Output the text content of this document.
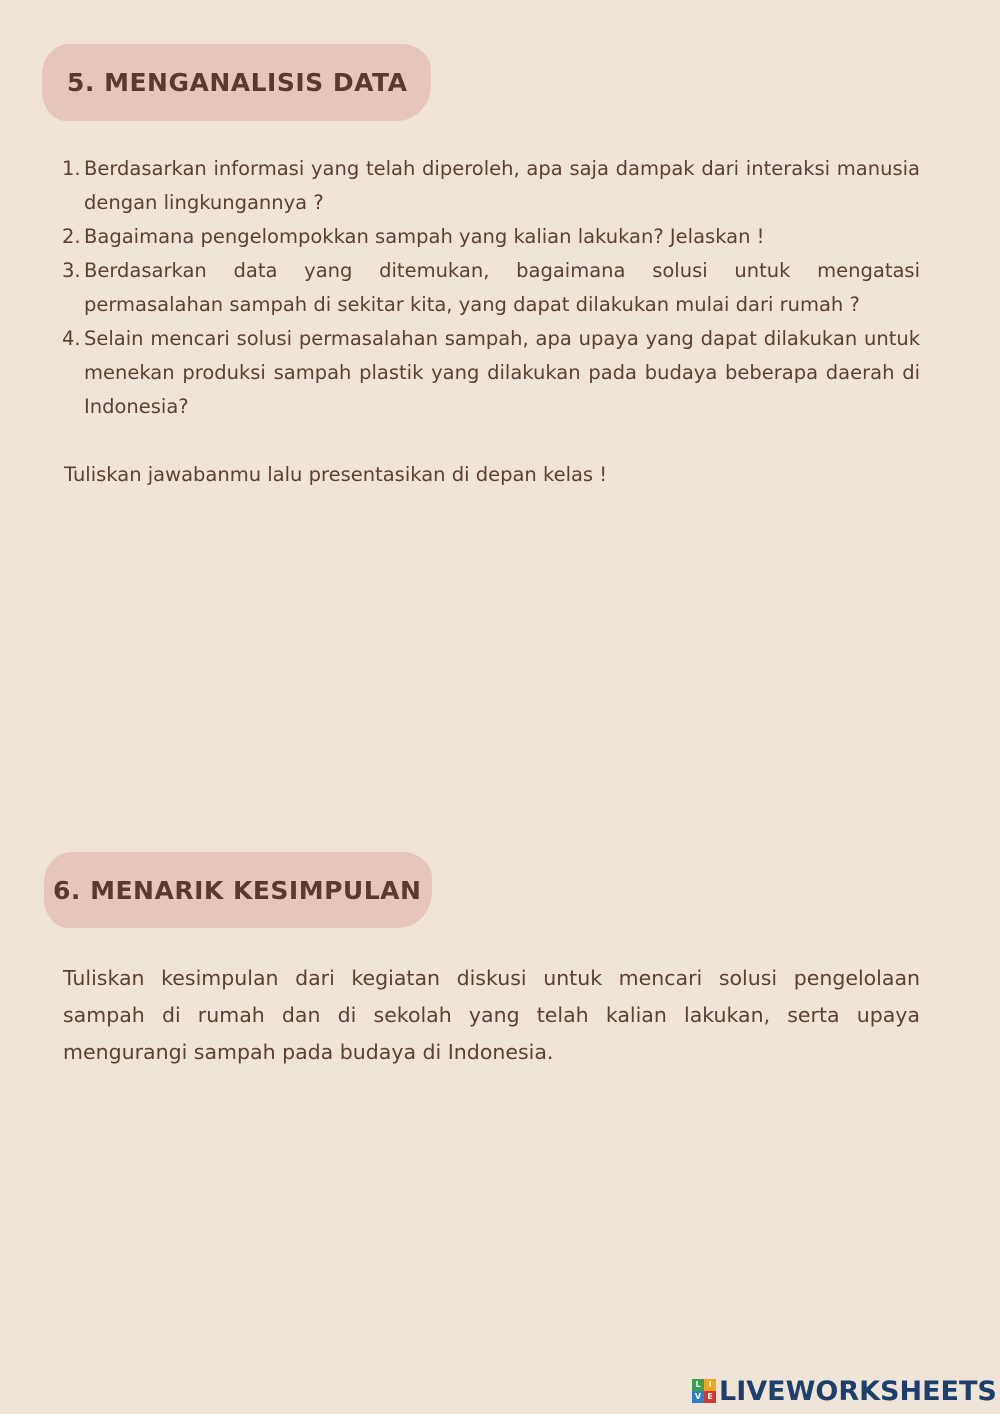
5. MENGANALISIS DATA
1. Berdasarkan informasi yang telah diperoleh, apa saja dampak dari interaksi manusia dengan lingkungannya ?
2. Bagaimana pengelompokkan sampah yang kalian lakukan? Jelaskan !
3. Berdasarkan data yang ditemukan, bagaimana solusi untuk mengatasi permasalahan sampah di sekitar kita, yang dapat dilakukan mulai dari rumah ?
4. Selain mencari solusi permasalahan sampah, apa upaya yang dapat dilakukan untuk menekan produksi sampah plastik yang dilakukan pada budaya beberapa daerah di Indonesia?

Tuliskan jawabanmu lalu presentasikan di depan kelas !

6. MENARIK KESIMPULAN

Tuliskan kesimpulan dari kegiatan diskusi untuk mencari solusi pengelolaan sampah di rumah dan di sekolah yang telah kalian lakukan, serta upaya mengurangi sampah pada budaya di Indonesia.

L I
V E LIVEWORKSHEETS
